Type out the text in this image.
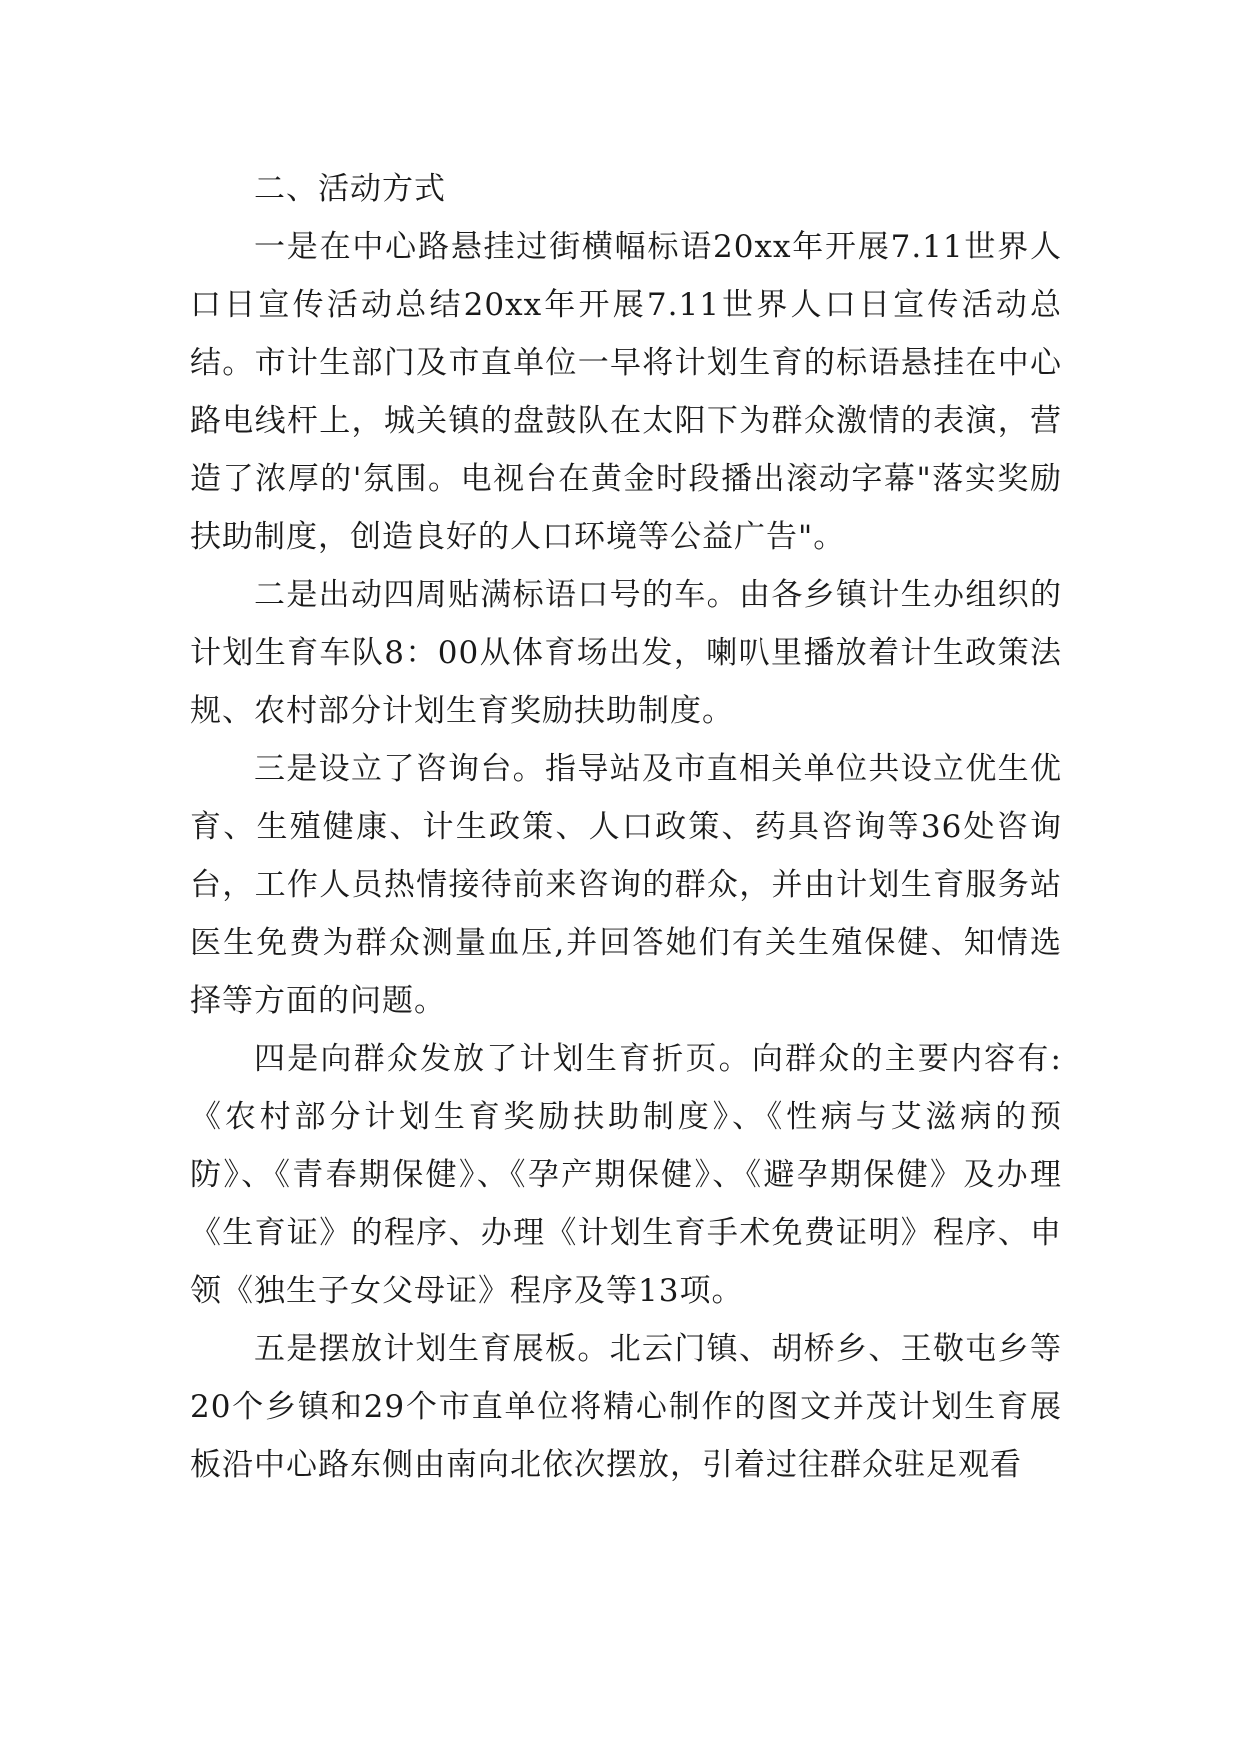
二、活动方式

一是在中心路悬挂过街横幅标语20xx年开展7.11世界人口日宣传活动总结20xx年开展7.11世界人口日宣传活动总结。市计生部门及市直单位一早将计划生育的标语悬挂在中心路电线杆上，城关镇的盘鼓队在太阳下为群众激情的表演，营造了浓厚的'氛围。电视台在黄金时段播出滚动字幕"落实奖励扶助制度，创造良好的人口环境等公益广告"。

二是出动四周贴满标语口号的车。由各乡镇计生办组织的计划生育车队8：00从体育场出发，喇叭里播放着计生政策法规、农村部分计划生育奖励扶助制度。

三是设立了咨询台。指导站及市直相关单位共设立优生优育、生殖健康、计生政策、人口政策、药具咨询等36处咨询台，工作人员热情接待前来咨询的群众，并由计划生育服务站医生免费为群众测量血压,并回答她们有关生殖保健、知情选择等方面的问题。

四是向群众发放了计划生育折页。向群众的主要内容有:《农村部分计划生育奖励扶助制度》、《性病与艾滋病的预防》、《青春期保健》、《孕产期保健》、《避孕期保健》及办理《生育证》的程序、办理《计划生育手术免费证明》程序、申领《独生子女父母证》程序及等13项。

五是摆放计划生育展板。北云门镇、胡桥乡、王敬屯乡等20个乡镇和29个市直单位将精心制作的图文并茂计划生育展板沿中心路东侧由南向北依次摆放，引着过往群众驻足观看
